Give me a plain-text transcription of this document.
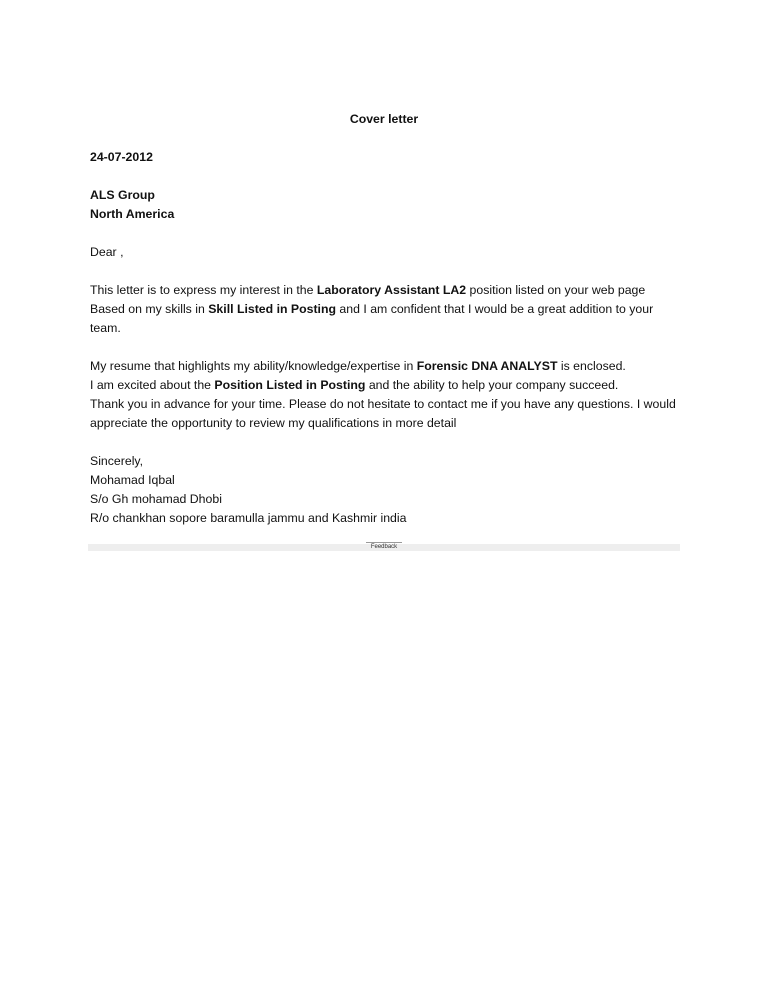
Cover letter
24-07-2012
ALS Group
North America
Dear ,
This letter is to express my interest in the Laboratory Assistant LA2 position listed on your web page
Based on my skills in Skill Listed in Posting and I am confident that I would be a great addition to your team.
My resume that highlights my ability/knowledge/expertise in Forensic DNA ANALYST is enclosed.
I am excited about the Position Listed in Posting and the ability to help your company succeed.
Thank you in advance for your time. Please do not hesitate to contact me if you have any questions. I would appreciate the opportunity to review my qualifications in more detail
Sincerely,
Mohamad Iqbal
S/o Gh mohamad Dhobi
R/o chankhan sopore baramulla jammu and Kashmir india
Feedback
